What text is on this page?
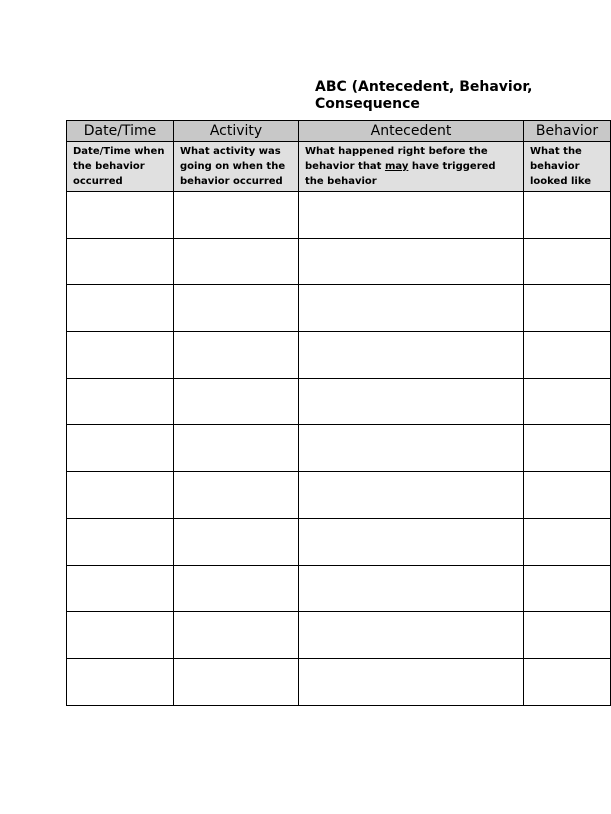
ABC (Antecedent, Behavior, Consequence
Date/Time	Activity	Antecedent	Behavior
Date/Time when the behavior occurred	What activity was going on when the behavior occurred	What happened right before the behavior that may have triggered the behavior	What the behavior looked like
